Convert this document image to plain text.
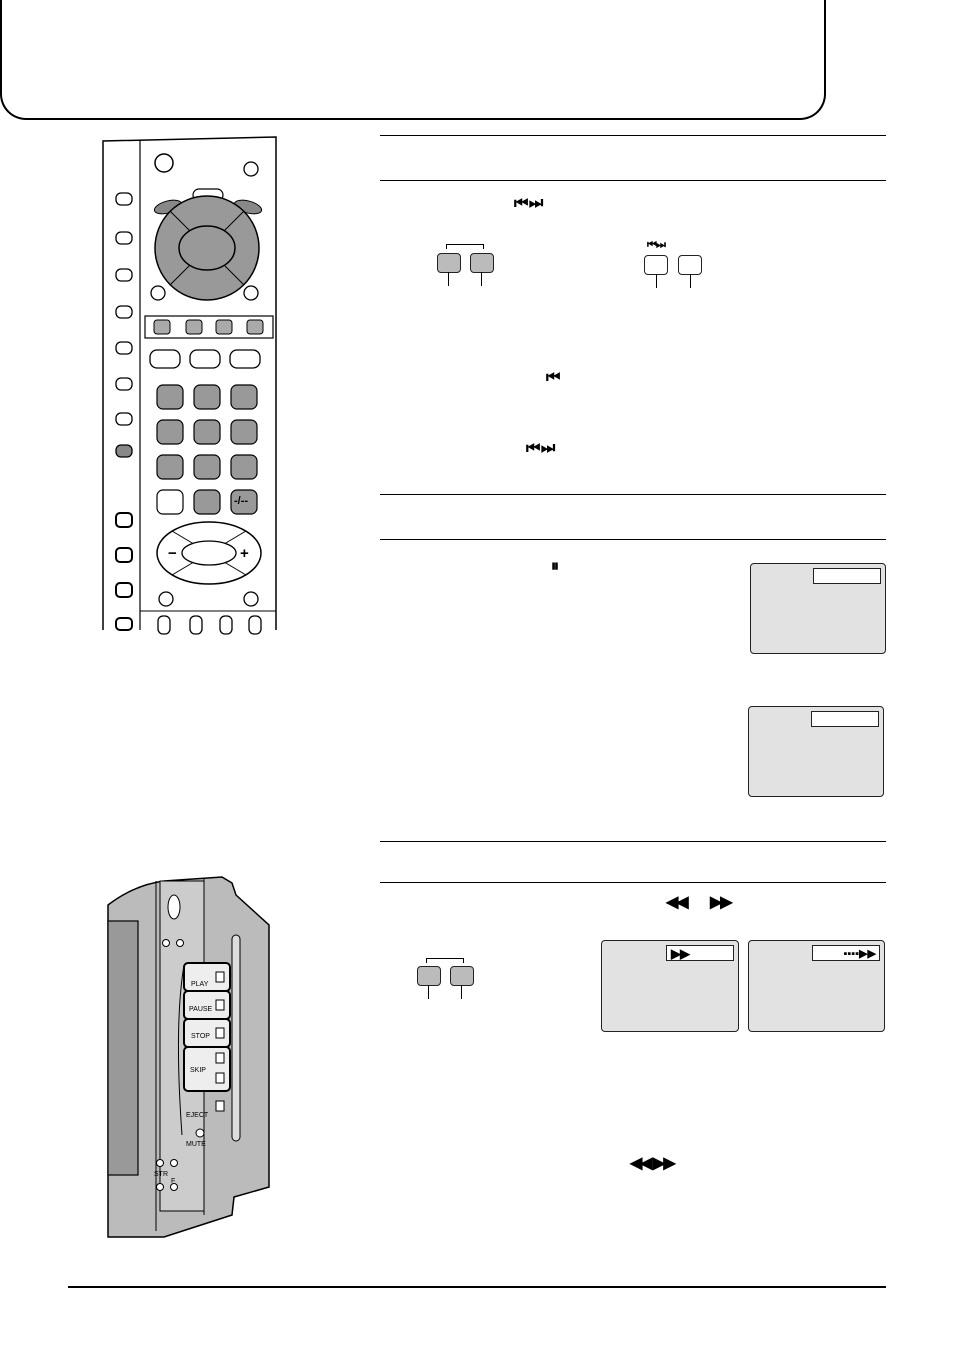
-/--
−	+
⏮ ⏭
⏮ ⏭
⏮
⏮ ⏭
⏸
◀◀ ▶▶
▶▶	▪▪▪▪▶▶
◀◀ ▶▶
PLAY
PAUSE
STOP
SKIP
EJECT
MUTE
STR
F
